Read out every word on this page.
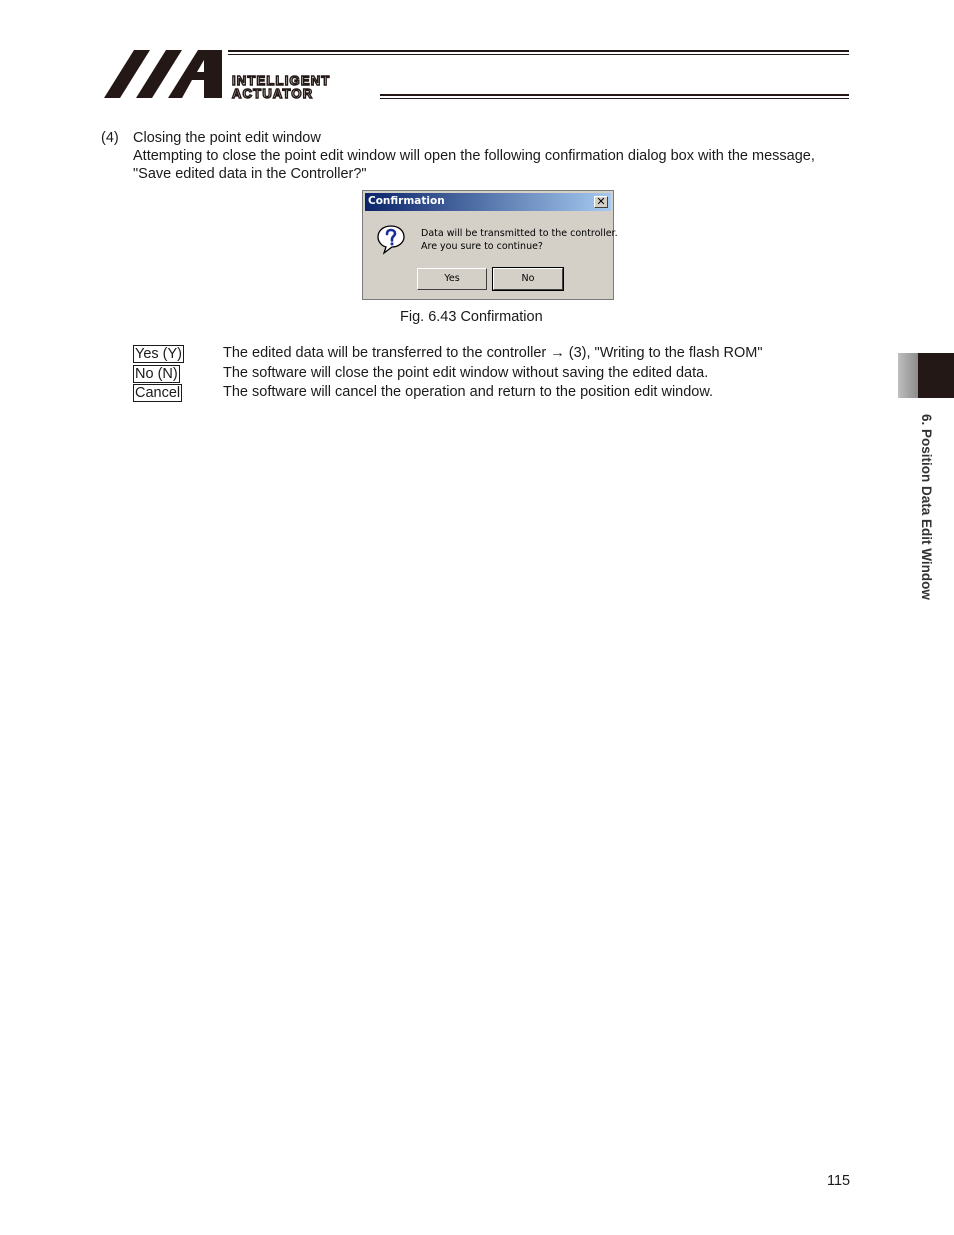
INTELLIGENT
ACTUATOR
(4) Closing the point edit window
Attempting to close the point edit window will open the following confirmation dialog box with the message,
"Save edited data in the Controller?"
Confirmation	✕
Data will be transmitted to the controller.
Are you sure to continue?
Yes	No
Fig. 6.43 Confirmation
Yes (Y)	The edited data will be transferred to the controller → (3), "Writing to the flash ROM"
No (N)	The software will close the point edit window without saving the edited data.
Cancel	The software will cancel the operation and return to the position edit window.
6. Position Data Edit Window
115
